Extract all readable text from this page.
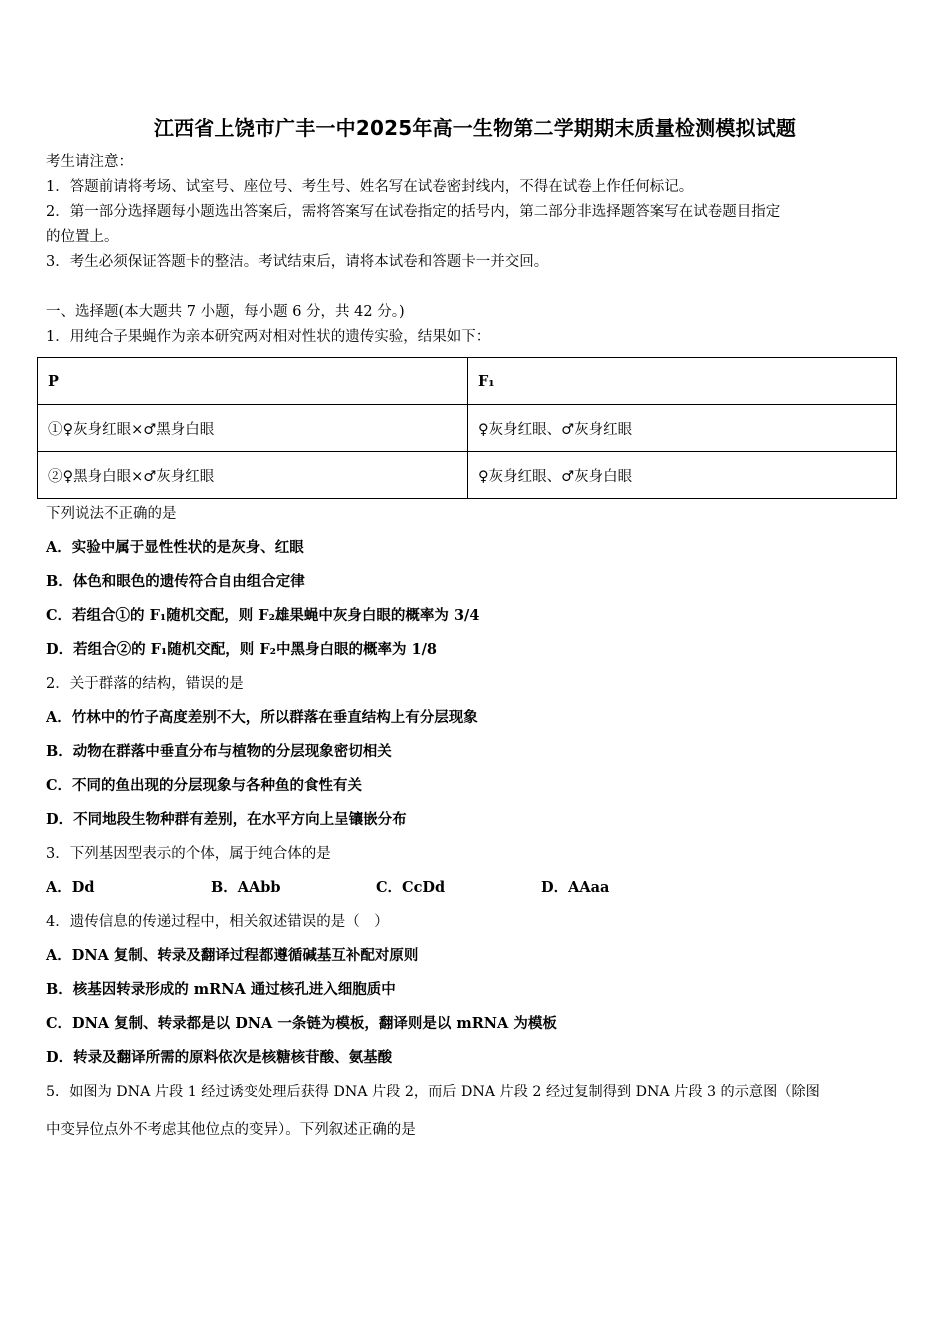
江西省上饶市广丰一中2025年高一生物第二学期期末质量检测模拟试题
考生请注意：
1．答题前请将考场、试室号、座位号、考生号、姓名写在试卷密封线内，不得在试卷上作任何标记。
2．第一部分选择题每小题选出答案后，需将答案写在试卷指定的括号内，第二部分非选择题答案写在试卷题目指定
的位置上。
3．考生必须保证答题卡的整洁。考试结束后，请将本试卷和答题卡一并交回。
一、选择题(本大题共 7 小题，每小题 6 分，共 42 分。)
1．用纯合子果蝇作为亲本研究两对相对性状的遗传实验，结果如下：
P	F₁
①♀灰身红眼×♂黑身白眼	♀灰身红眼、♂灰身红眼
②♀黑身白眼×♂灰身红眼	♀灰身红眼、♂灰身白眼
下列说法不正确的是
A．实验中属于显性性状的是灰身、红眼
B．体色和眼色的遗传符合自由组合定律
C．若组合①的 F₁随机交配，则 F₂雄果蝇中灰身白眼的概率为 3/4
D．若组合②的 F₁随机交配，则 F₂中黑身白眼的概率为 1/8
2．关于群落的结构，错误的是
A．竹林中的竹子高度差别不大，所以群落在垂直结构上有分层现象
B．动物在群落中垂直分布与植物的分层现象密切相关
C．不同的鱼出现的分层现象与各种鱼的食性有关
D．不同地段生物种群有差别，在水平方向上呈镶嵌分布
3．下列基因型表示的个体，属于纯合体的是
A．Dd	B．AAbb	C．CcDd	D．AAaa
4．遗传信息的传递过程中，相关叙述错误的是（　）
A．DNA 复制、转录及翻译过程都遵循碱基互补配对原则
B．核基因转录形成的 mRNA 通过核孔进入细胞质中
C．DNA 复制、转录都是以 DNA 一条链为模板，翻译则是以 mRNA 为模板
D．转录及翻译所需的原料依次是核糖核苷酸、氨基酸
5．如图为 DNA 片段 1 经过诱变处理后获得 DNA 片段 2，而后 DNA 片段 2 经过复制得到 DNA 片段 3 的示意图（除图
中变异位点外不考虑其他位点的变异）。下列叙述正确的是
